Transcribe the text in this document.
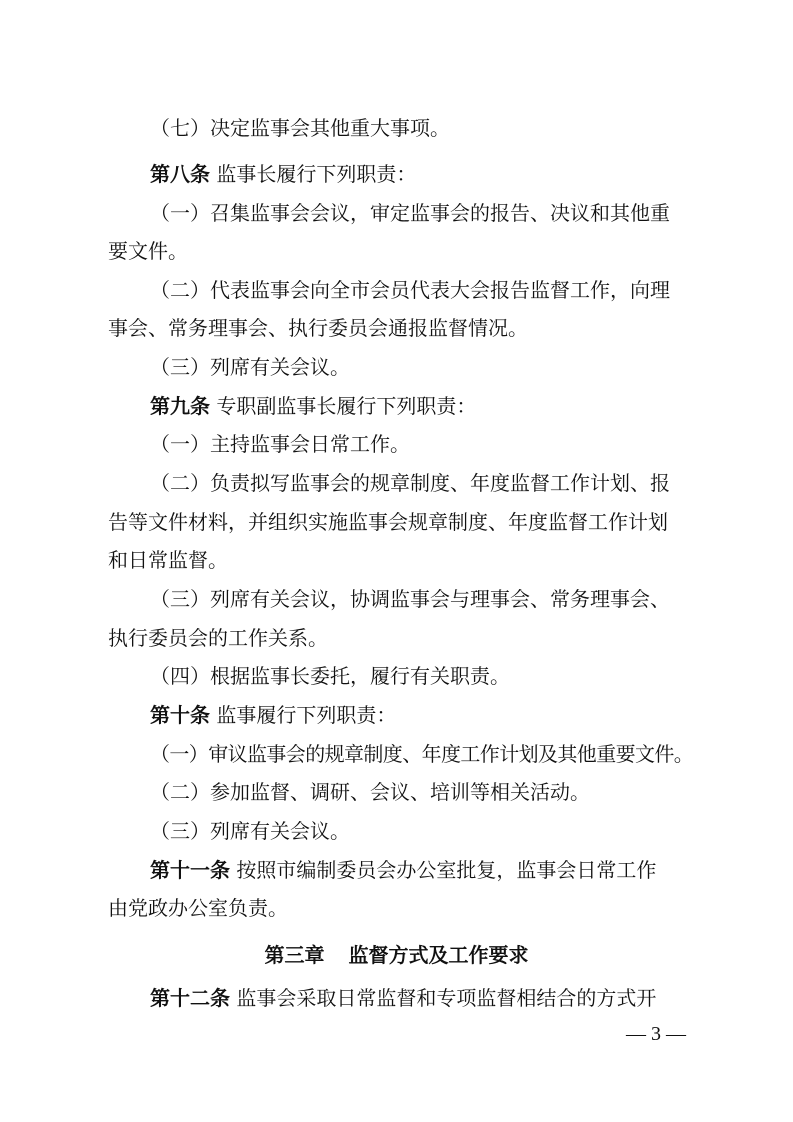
（七）决定监事会其他重大事项。
第八条 监事长履行下列职责：
（一）召集监事会会议，审定监事会的报告、决议和其他重
要文件。
（二）代表监事会向全市会员代表大会报告监督工作，向理
事会、常务理事会、执行委员会通报监督情况。
（三）列席有关会议。
第九条 专职副监事长履行下列职责：
（一）主持监事会日常工作。
（二）负责拟写监事会的规章制度、年度监督工作计划、报
告等文件材料，并组织实施监事会规章制度、年度监督工作计划
和日常监督。
（三）列席有关会议，协调监事会与理事会、常务理事会、
执行委员会的工作关系。
（四）根据监事长委托，履行有关职责。
第十条 监事履行下列职责：
（一）审议监事会的规章制度、年度工作计划及其他重要文件。
（二）参加监督、调研、会议、培训等相关活动。
（三）列席有关会议。
第十一条 按照市编制委员会办公室批复，监事会日常工作
由党政办公室负责。
第三章 监督方式及工作要求
第十二条 监事会采取日常监督和专项监督相结合的方式开
— 3 —
